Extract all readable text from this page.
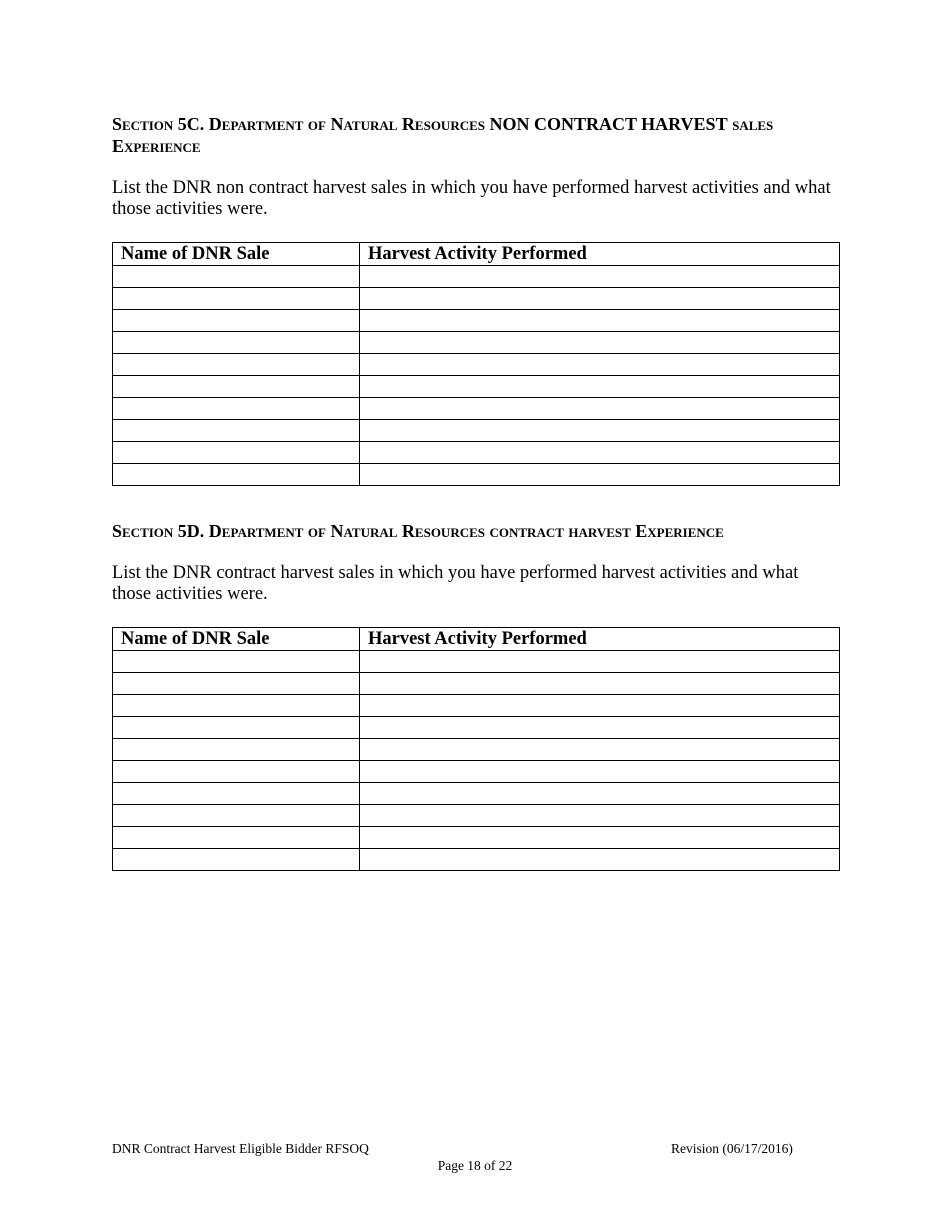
Section 5C. Department of Natural Resources NON CONTRACT HARVEST sales
Experience
List the DNR non contract harvest sales in which you have performed harvest activities and what
those activities were.
Name of DNR Sale	Harvest Activity Performed

Section 5D. Department of Natural Resources contract harvest Experience
List the DNR contract harvest sales in which you have performed harvest activities and what
those activities were.
Name of DNR Sale	Harvest Activity Performed

DNR Contract Harvest Eligible Bidder RFSOQ	Revision (06/17/2016)
Page 18 of 22
